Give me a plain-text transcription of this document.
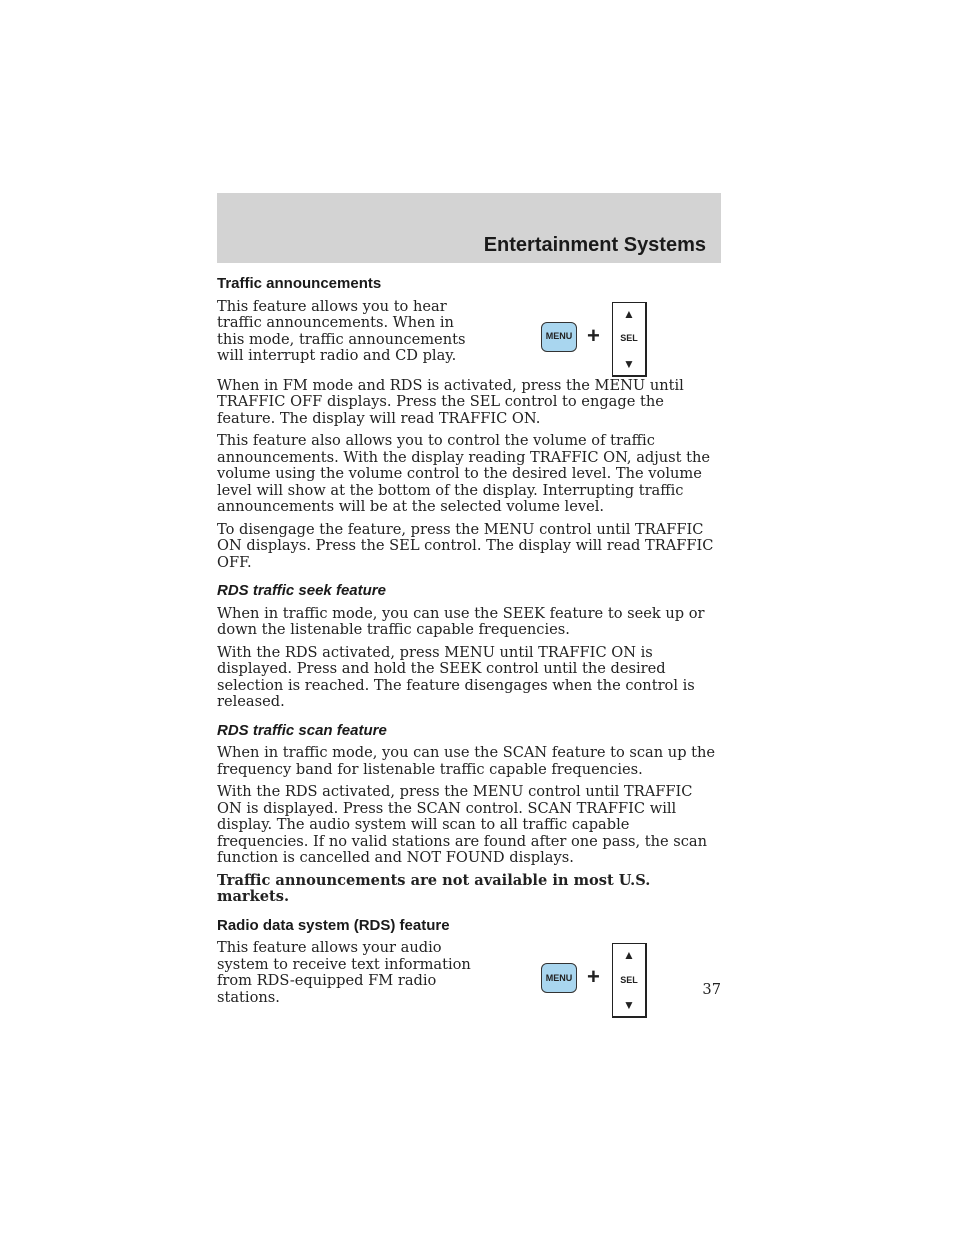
Entertainment Systems
Traffic announcements

This feature allows you to hear traffic announcements. When in this mode, traffic announcements will interrupt radio and CD play.

MENU +
▲
SEL
▼

When in FM mode and RDS is activated, press the MENU until TRAFFIC OFF displays. Press the SEL control to engage the feature. The display will read TRAFFIC ON.

This feature also allows you to control the volume of traffic announcements. With the display reading TRAFFIC ON, adjust the volume using the volume control to the desired level. The volume level will show at the bottom of the display. Interrupting traffic announcements will be at the selected volume level.

To disengage the feature, press the MENU control until TRAFFIC ON displays. Press the SEL control. The display will read TRAFFIC OFF.

RDS traffic seek feature

When in traffic mode, you can use the SEEK feature to seek up or down the listenable traffic capable frequencies.

With the RDS activated, press MENU until TRAFFIC ON is displayed. Press and hold the SEEK control until the desired selection is reached. The feature disengages when the control is released.

RDS traffic scan feature

When in traffic mode, you can use the SCAN feature to scan up the frequency band for listenable traffic capable frequencies.

With the RDS activated, press the MENU control until TRAFFIC ON is displayed. Press the SCAN control. SCAN TRAFFIC will display. The audio system will scan to all traffic capable frequencies. If no valid stations are found after one pass, the scan function is cancelled and NOT FOUND displays.

Traffic announcements are not available in most U.S. markets.

Radio data system (RDS) feature

This feature allows your audio system to receive text information from RDS-equipped FM radio stations.

MENU +
▲
SEL
▼
37
